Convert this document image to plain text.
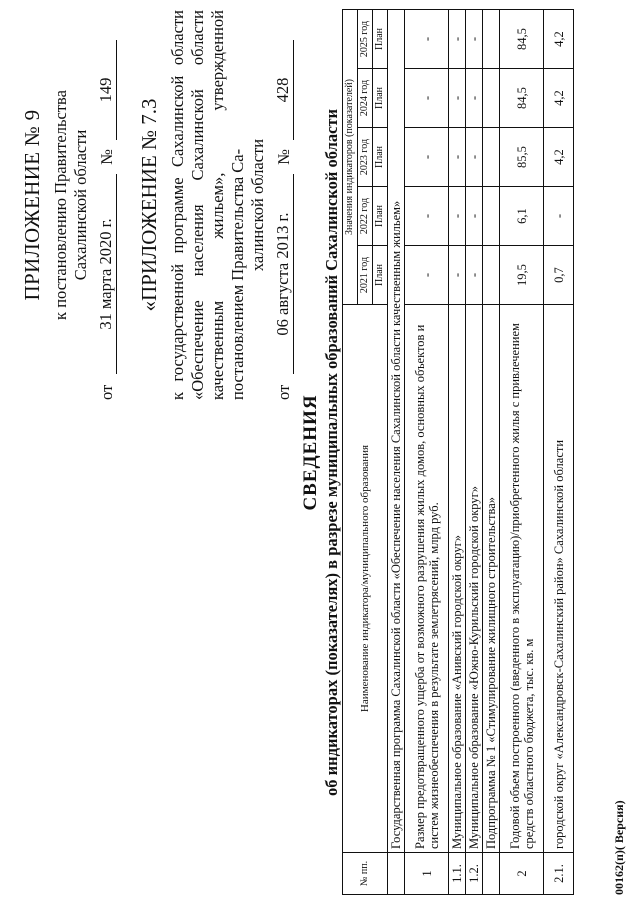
ПРИЛОЖЕНИЕ № 9 к постановлению Правительства Сахалинской области
от
31 марта 2020 г.
№
149
«ПРИЛОЖЕНИЕ № 7.3 к государственной программе Сахалинской области «Обеспечение населения Сахалинской области качественным жильем», утвержденной постановлением Правительства Са- халинской области
от
06 августа 2013 г.
№
428
СВЕДЕНИЯ об индикаторах (показателях) в разрезе муниципальных образований Сахалинской области
№ пп.	Наименование индикатора/муниципального образования	Значения индикаторов (показателей)				
		2021 год	2022 год	2023 год	2024 год	2025 год
		План	План	План	План	План
	Государственная программа Сахалинской области «Обеспечение населения Сахалинской области качественным жильем»					
1	Размер предотвращенного ущерба от возможного разрушения жилых домов, основных объектов и систем жизнеобеспечения в результате землетрясений, млрд руб.	-	-	-	-	-
1.1.	Муниципальное образование «Анивский городской округ»	-	-	-	-	-
1.2.	Муниципальное образование «Южно-Курильский городской округ»	-	-	-	-	-
	Подпрограмма № 1 «Стимулирование жилищного строительства»					
2	Годовой объем построенного (введенного в эксплуатацию)/приобретенного жилья с привлечением средств областного бюджета, тыс. кв. м	19,5	6,1	85,5	84,5	84,5
2.1.	городской округ «Александровск-Сахалинский район» Сахалинской области	0,7	-	4,2	4,2	4,2
00162(п)( Версия)
